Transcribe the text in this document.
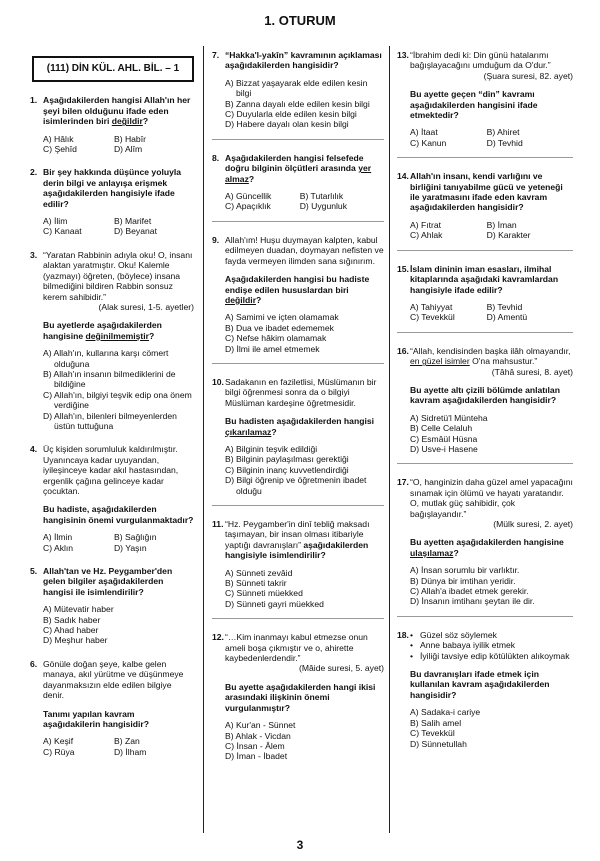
1. OTURUM
(111) DİN KÜL. AHL. BİL. – 1
1. Aşağıdakilerden hangisi Allah'ın her şeyi bilen olduğunu ifade eden isimlerinden biri değildir?
A) Hâlık	B) Habîr
C) Şehîd	D) Alîm
2. Bir şey hakkında düşünce yoluyla derin bilgi ve anlayışa erişmek aşağıdakilerden hangisiyle ifade edilir?
A) İlim	B) Marifet
C) Kanaat	D) Beyanat
3. “Yaratan Rabbinin adıyla oku! O, insanı alaktan yaratmıştır. Oku! Kalemle (yazmayı) öğreten, (böylece) insana bilmediğini bildiren Rabbin sonsuz kerem sahibidir.”
(Alak suresi, 1-5. ayetler)
Bu ayetlerde aşağıdakilerden hangisine değinilmemiştir?
A) Allah'ın, kullarına karşı cömert olduğuna
B) Allah'ın insanın bilmediklerini de bildiğine
C) Allah'ın, bilgiyi teşvik edip ona önem verdiğine
D) Allah'ın, bilenleri bilmeyenlerden üstün tuttuğuna
4. Üç kişiden sorumluluk kaldırılmıştır. Uyanıncaya kadar uyuyandan, iyileşinceye kadar akıl hastasından, ergenlik çağına gelinceye kadar çocuktan.
Bu hadiste, aşağıdakilerden hangisinin önemi vurgulanmaktadır?
A) İlmin	B) Sağlığın
C) Aklın	D) Yaşın
5. Allah'tan ve Hz. Peygamber'den gelen bilgiler aşağıdakilerden hangisi ile isimlendirilir?
A) Mütevatir haber
B) Sadık haber
C) Ahad haber
D) Meşhur haber
6. Gönüle doğan şeye, kalbe gelen manaya, akıl yürütme ve düşünmeye dayanmaksızın elde edilen bilgiye denir.
Tanımı yapılan kavram aşağıdakilerin hangisidir?
A) Keşif	B) Zan
C) Rüya	D) İlham
7. “Hakka'l-yakîn” kavramının açıklaması aşağıdakilerden hangisidir?
A) Bizzat yaşayarak elde edilen kesin bilgi
B) Zanna dayalı elde edilen kesin bilgi
C) Duyularla elde edilen kesin bilgi
D) Habere dayalı olan kesin bilgi
8. Aşağıdakilerden hangisi felsefede doğru bilginin ölçütleri arasında yer almaz?
A) Güncellik	B) Tutarlılık
C) Apaçıklık	D) Uygunluk
9. Allah'ım! Huşu duymayan kalpten, kabul edilmeyen duadan, doymayan nefisten ve fayda vermeyen ilimden sana sığınırım.
Aşağıdakilerden hangisi bu hadiste endişe edilen hususlardan biri değildir?
A) Samimi ve içten olamamak
B) Dua ve ibadet edememek
C) Nefse hâkim olamamak
D) İlmi ile amel etmemek
10. Sadakanın en faziletlisi, Müslümanın bir bilgi öğrenmesi sonra da o bilgiyi Müslüman kardeşine öğretmesidir.
Bu hadisten aşağıdakilerden hangisi çıkarılamaz?
A) Bilginin teşvik edildiği
B) Bilginin paylaşılması gerektiği
C) Bilginin inanç kuvvetlendirdiği
D) Bilgi öğrenip ve öğretmenin ibadet olduğu
11. “Hz. Peygamber'in dinî tebliğ maksadı taşımayan, bir insan olması itibariyle yaptığı davranışları” aşağıdakilerden hangisiyle isimlendirilir?
A) Sünneti zevâid
B) Sünneti takrir
C) Sünneti müekked
D) Sünneti gayri müekked
12. “…Kim inanmayı kabul etmezse onun ameli boşa çıkmıştır ve o, ahirette kaybedenlerdendir.”
(Mâide suresi, 5. ayet)
Bu ayette aşağıdakilerden hangi ikisi arasındaki ilişkinin önemi vurgulanmıştır?
A) Kur'an - Sünnet
B) Ahlak - Vicdan
C) İnsan - Âlem
D) İman - İbadet
13. “İbrahim dedi ki: Din günü hatalarımı bağışlayacağını umduğum da O'dur.”
(Şuara suresi, 82. ayet)
Bu ayette geçen “din” kavramı aşağıdakilerden hangisini ifade etmektedir?
A) İtaat	B) Ahiret
C) Kanun	D) Tevhid
14. Allah'ın insanı, kendi varlığını ve birliğini tanıyabilme gücü ve yeteneği ile yaratmasını ifade eden kavram aşağıdakilerden hangisidir?
A) Fıtrat	B) İman
C) Ahlak	D) Karakter
15. İslam dininin iman esasları, ilmihal kitaplarında aşağıdaki kavramlardan hangisiyle ifade edilir?
A) Tahiyyat	B) Tevhid
C) Tevekkül	D) Amentü
16. “Allah, kendisinden başka ilâh olmayandır, en güzel isimler O'na mahsustur.”
(Tâhâ suresi, 8. ayet)
Bu ayette altı çizili bölümde anlatılan kavram aşağıdakilerden hangisidir?
A) Sidretü'l Münteha
B) Celle Celaluh
C) Esmâül Hüsna
D) Usve-i Hasene
17. “O, hanginizin daha güzel amel yapacağını sınamak için ölümü ve hayatı yaratandır. O, mutlak güç sahibidir, çok bağışlayandır.”
(Mülk suresi, 2. ayet)
Bu ayetten aşağıdakilerden hangisine ulaşılamaz?
A) İnsan sorumlu bir varlıktır.
B) Dünya bir imtihan yeridir.
C) Allah'a ibadet etmek gerekir.
D) İnsanın imtihanı şeytan ile dir.
18.
•	Güzel söz söylemek
• Anne babaya iyilik etmek
• İyiliği tavsiye edip kötülükten alıkoymak
Bu davranışları ifade etmek için kullanılan kavram aşağıdakilerden hangisidir?
A) Sadaka-i cariye
B) Salih amel
C) Tevekkül
D) Sünnetullah
3
